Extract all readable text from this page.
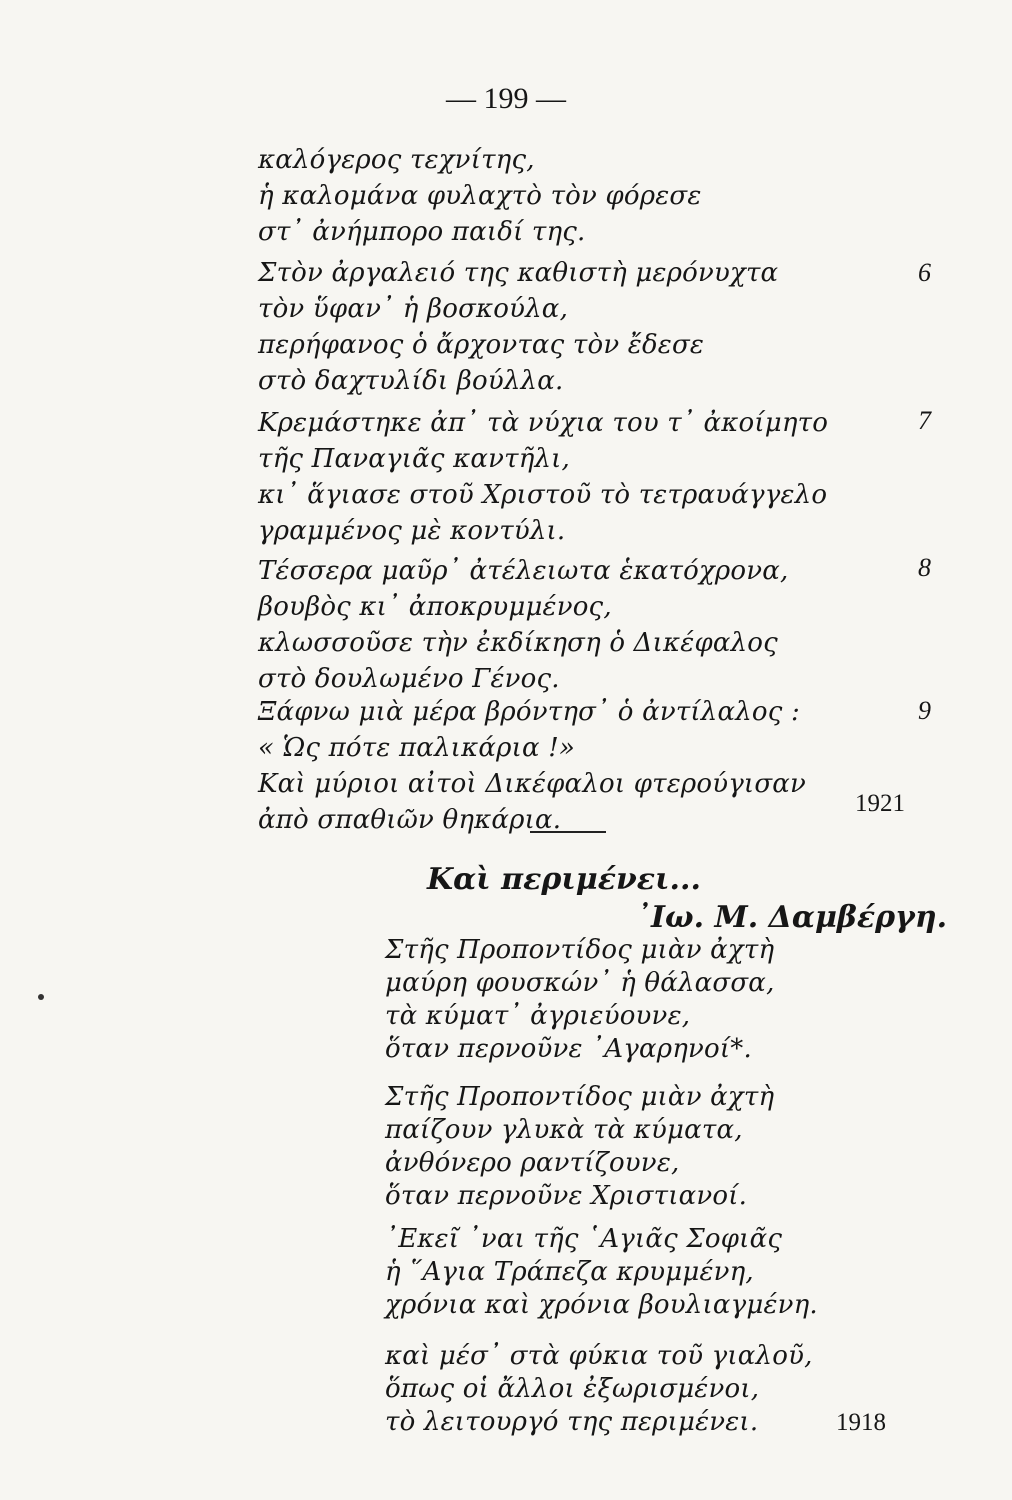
— 199 —
καλόγερος τεχνίτης,
ἡ καλομάνα φυλαχτὸ τὸν φόρεσε
στ᾽ ἀνήμπορο παιδί της.
Στὸν ἀργαλειό της καθιστὴ μερόνυχτα
τὸν ὕφαν᾽ ἡ βοσκούλα,
περήφανος ὁ ἄρχοντας τὸν ἔδεσε
στὸ δαχτυλίδι βούλλα.
6
Κρεμάστηκε ἀπ᾽ τὰ νύχια του τ᾽ ἀκοίμητο
τῆς Παναγιᾶς καντῆλι,
κι᾽ ἅγιασε στοῦ Χριστοῦ τὸ τετραυάγγελο
γραμμένος μὲ κοντύλι.
7
Τέσσερα μαῦρ᾽ ἀτέλειωτα ἑκατόχρονα,
βουβὸς κι᾽ ἀποκρυμμένος,
κλωσσοῦσε τὴν ἐκδίκηση ὁ Δικέφαλος
στὸ δουλωμένο Γένος.
8
Ξάφνω μιὰ μέρα βρόντησ᾽ ὁ ἀντίλαλος :
« Ὡς πότε παλικάρια !»
Καὶ μύριοι αἰτοὶ Δικέφαλοι φτερούγισαν
ἀπὸ σπαθιῶν θηκάρια.
9
1921
Καὶ περιμένει...
᾽Ιω. Μ. Δαμβέργη.
Στῆς Προποντίδος μιὰν ἀχτὴ
μαύρη φουσκών᾽ ἡ θάλασσα,
τὰ κύματ᾽ ἀγριεύουνε,
ὅταν περνοῦνε ᾽Αγαρηνοί*.
Στῆς Προποντίδος μιὰν ἀχτὴ
παίζουν γλυκὰ τὰ κύματα,
ἀνθόνερο ραντίζουνε,
ὅταν περνοῦνε Χριστιανοί.
᾽Εκεῖ ᾽ναι τῆς ῾Αγιᾶς Σοφιᾶς
ἡ ῞Αγια Τράπεζα κρυμμένη,
χρόνια καὶ χρόνια βουλιαγμένη.
καὶ μέσ᾽ στὰ φύκια τοῦ γιαλοῦ,
ὅπως οἱ ἄλλοι ἐξωρισμένοι,
τὸ λειτουργό της περιμένει.	1918
